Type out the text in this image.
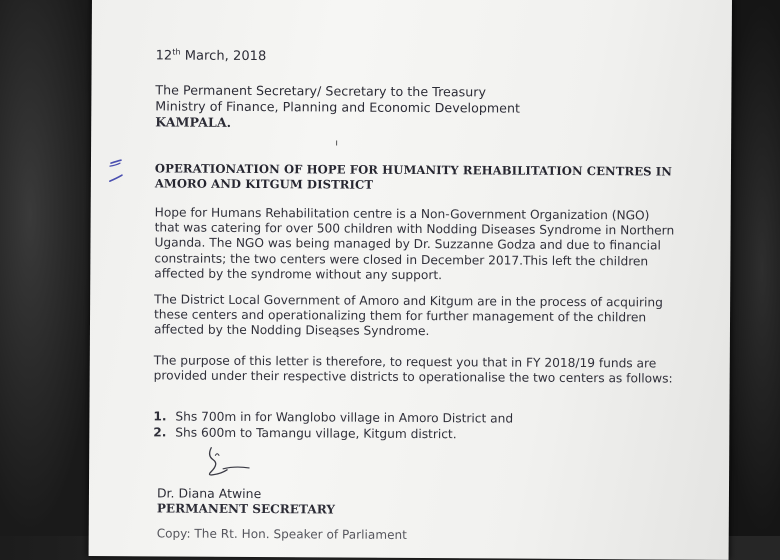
12th March, 2018
The Permanent Secretary/ Secretary to the Treasury
Ministry of Finance, Planning and Economic Development
KAMPALA.
OPERATIONATION OF HOPE FOR HUMANITY REHABILITATION CENTRES IN AMORO AND KITGUM DISTRICT
Hope for Humans Rehabilitation centre is a Non-Government Organization (NGO) that was catering for over 500 children with Nodding Diseases Syndrome in Northern Uganda. The NGO was being managed by Dr. Suzzanne Godza and due to financial constraints; the two centers were closed in December 2017.This left the children affected by the syndrome without any support.
The District Local Government of Amoro and Kitgum are in the process of acquiring these centers and operationalizing them for further management of the children affected by the Nodding Diseąses Syndrome.
The purpose of this letter is therefore, to request you that in FY 2018/19 funds are provided under their respective districts to operationalise the two centers as follows:
1. Shs 700m in for Wanglobo village in Amoro District and
2. Shs 600m to Tamangu village, Kitgum district.
Dr. Diana Atwine
PERMANENT SECRETARY
Copy: The Rt. Hon. Speaker of Parliament
